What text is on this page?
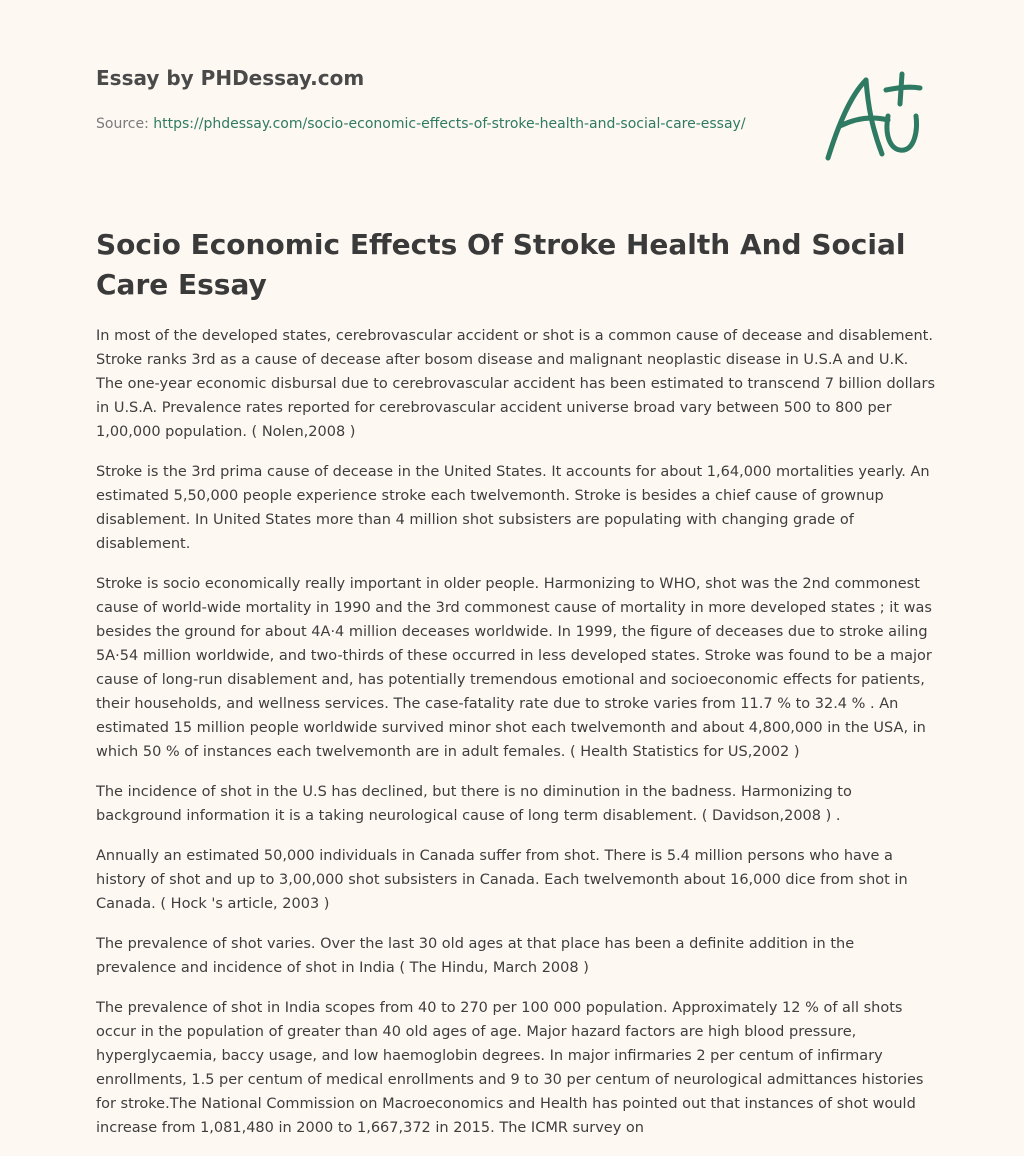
Essay by PHDessay.com
Source: https://phdessay.com/socio-economic-effects-of-stroke-health-and-social-care-essay/
Socio Economic Effects Of Stroke Health And Social Care Essay

In most of the developed states, cerebrovascular accident or shot is a common cause of decease and disablement. Stroke ranks 3rd as a cause of decease after bosom disease and malignant neoplastic disease in U.S.A and U.K. The one-year economic disbursal due to cerebrovascular accident has been estimated to transcend 7 billion dollars in U.S.A. Prevalence rates reported for cerebrovascular accident universe broad vary between 500 to 800 per 1,00,000 population. ( Nolen,2008 )

Stroke is the 3rd prima cause of decease in the United States. It accounts for about 1,64,000 mortalities yearly. An estimated 5,50,000 people experience stroke each twelvemonth. Stroke is besides a chief cause of grownup disablement. In United States more than 4 million shot subsisters are populating with changing grade of disablement.

Stroke is socio economically really important in older people. Harmonizing to WHO, shot was the 2nd commonest cause of world-wide mortality in 1990 and the 3rd commonest cause of mortality in more developed states ; it was besides the ground for about 4A·4 million deceases worldwide. In 1999, the figure of deceases due to stroke ailing 5A·54 million worldwide, and two-thirds of these occurred in less developed states. Stroke was found to be a major cause of long-run disablement and, has potentially tremendous emotional and socioeconomic effects for patients, their households, and wellness services. The case-fatality rate due to stroke varies from 11.7 % to 32.4 % . An estimated 15 million people worldwide survived minor shot each twelvemonth and about 4,800,000 in the USA, in which 50 % of instances each twelvemonth are in adult females. ( Health Statistics for US,2002 )

The incidence of shot in the U.S has declined, but there is no diminution in the badness. Harmonizing to background information it is a taking neurological cause of long term disablement. ( Davidson,2008 ) .

Annually an estimated 50,000 individuals in Canada suffer from shot. There is 5.4 million persons who have a history of shot and up to 3,00,000 shot subsisters in Canada. Each twelvemonth about 16,000 dice from shot in Canada. ( Hock 's article, 2003 )

The prevalence of shot varies. Over the last 30 old ages at that place has been a definite addition in the prevalence and incidence of shot in India ( The Hindu, March 2008 )

The prevalence of shot in India scopes from 40 to 270 per 100 000 population. Approximately 12 % of all shots occur in the population of greater than 40 old ages of age. Major hazard factors are high blood pressure, hyperglycaemia, baccy usage, and low haemoglobin degrees. In major infirmaries 2 per centum of infirmary enrollments, 1.5 per centum of medical enrollments and 9 to 30 per centum of neurological admittances histories for stroke.The National Commission on Macroeconomics and Health has pointed out that instances of shot would increase from 1,081,480 in 2000 to 1,667,372 in 2015. The ICMR survey on
